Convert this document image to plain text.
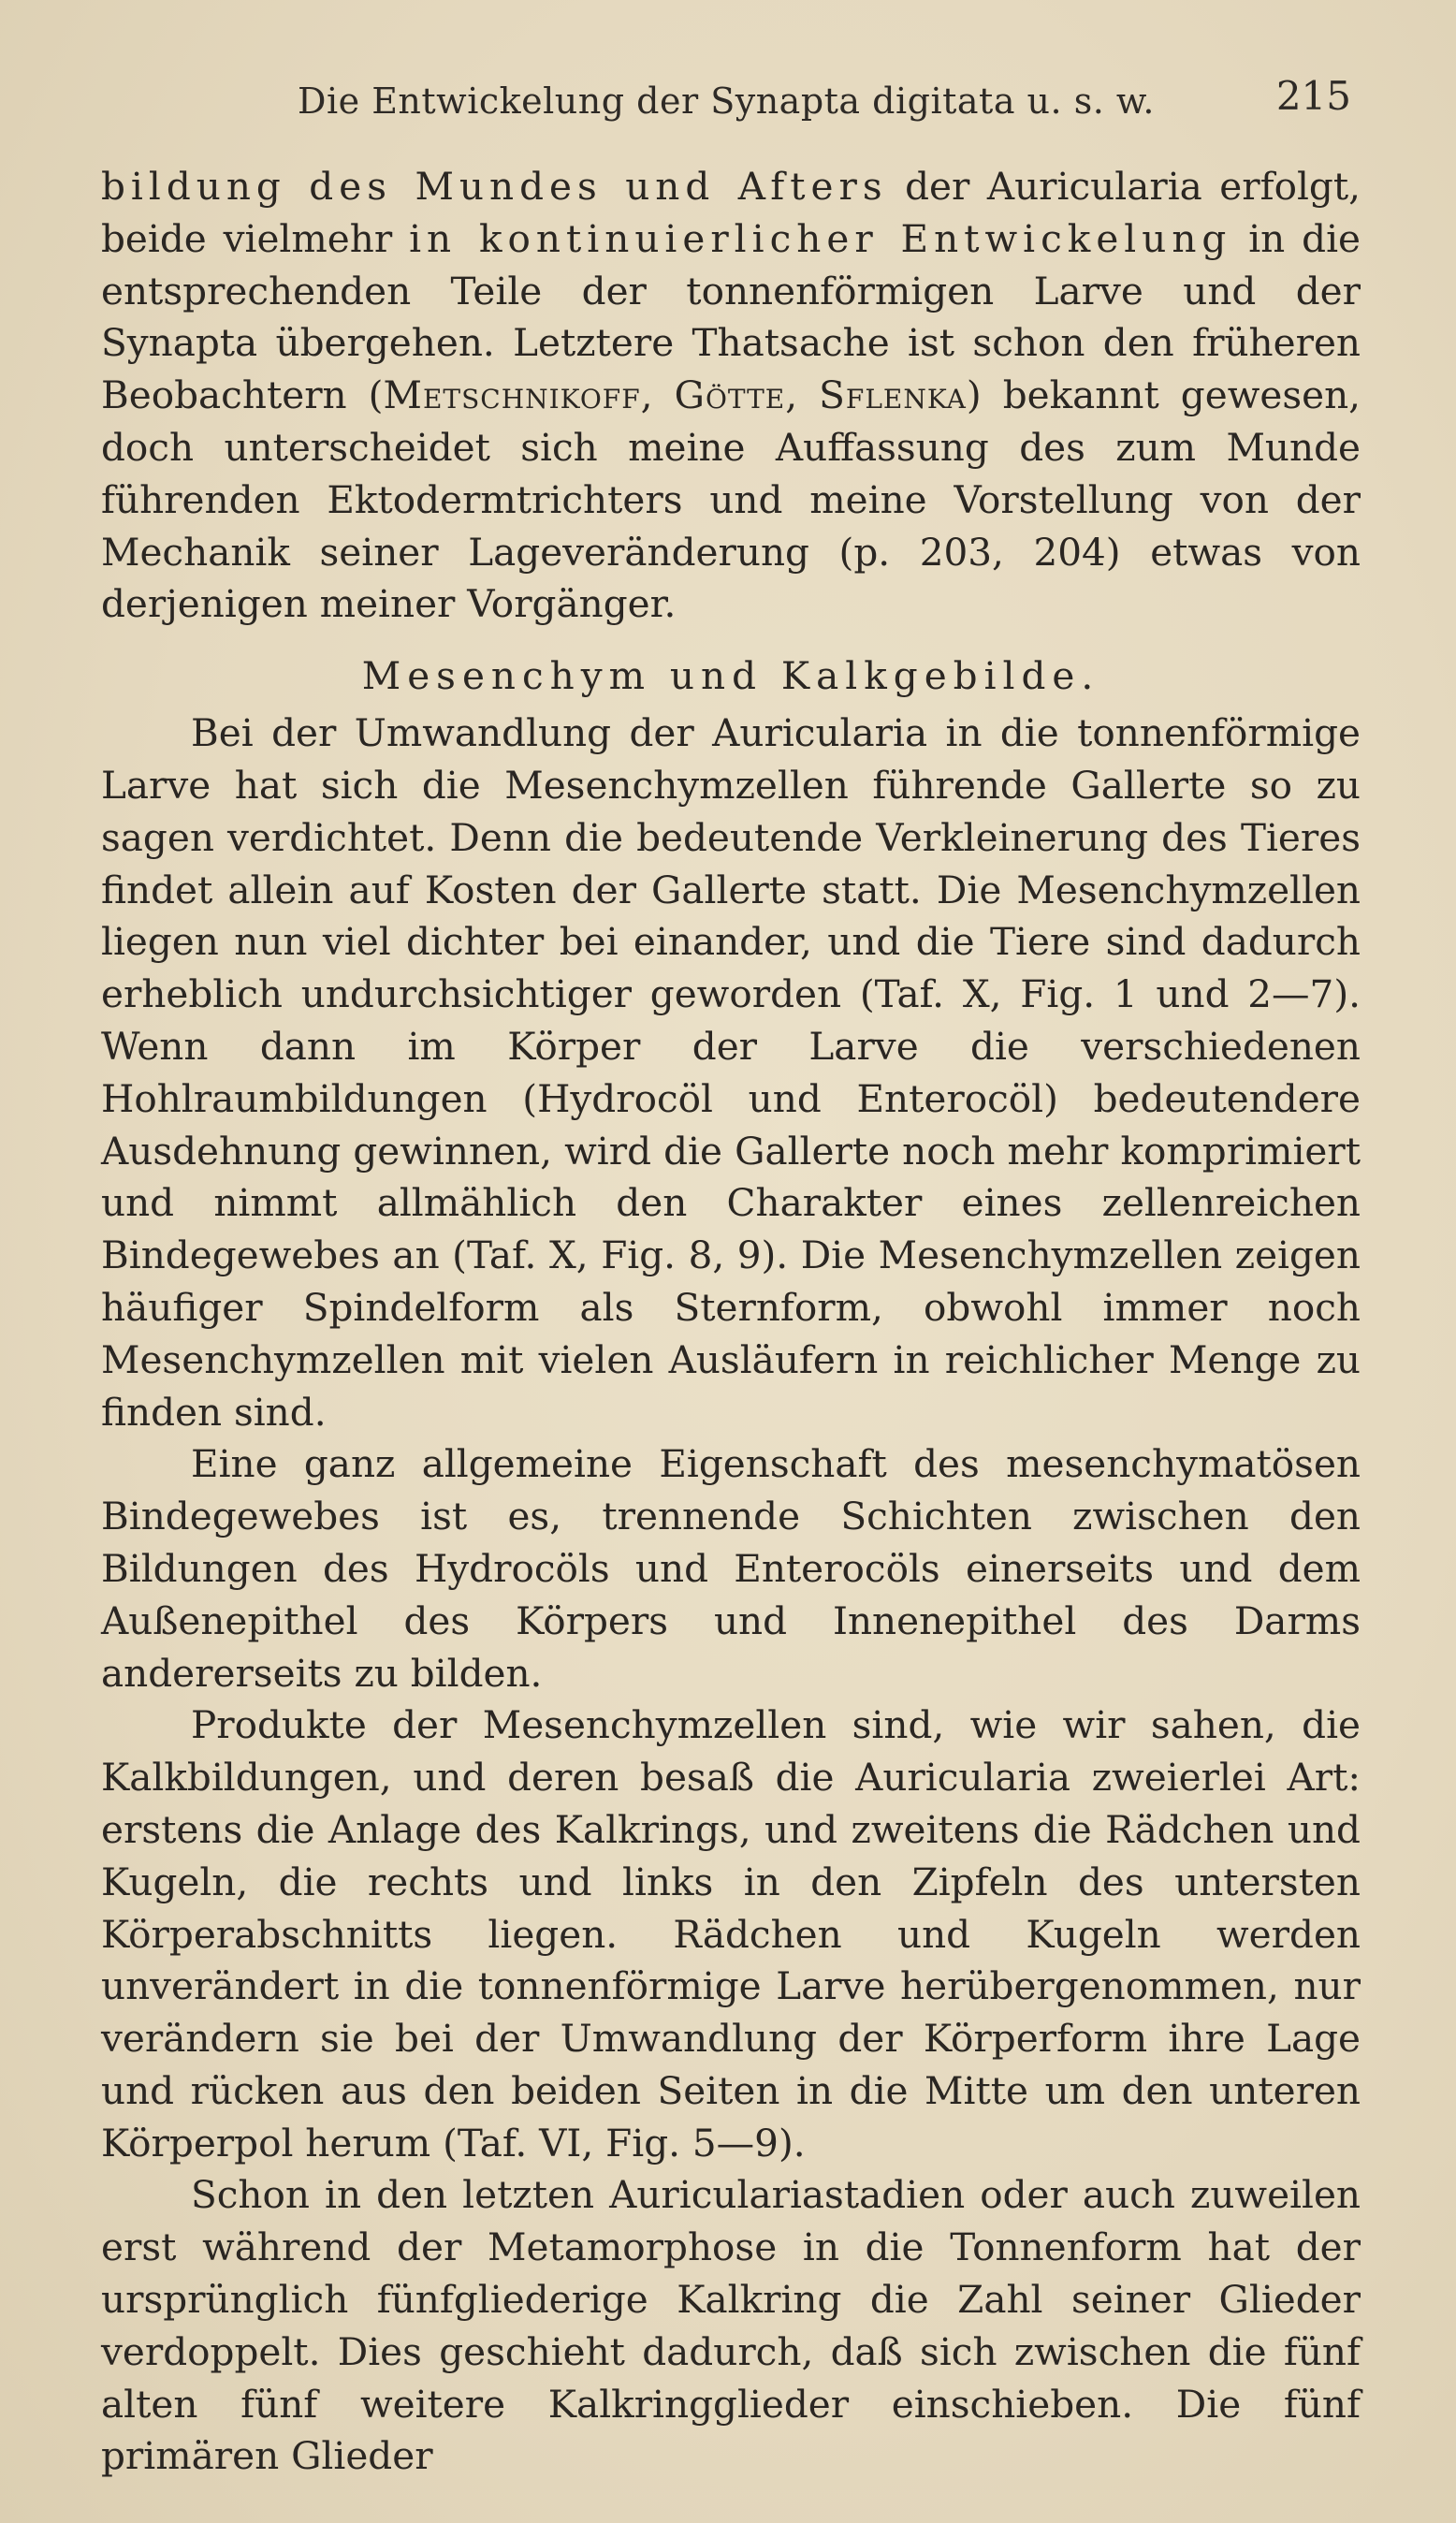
Die Entwickelung der Synapta digitata u. s. w.	215

bildung des Mundes und Afters der Auricularia erfolgt, beide vielmehr in kontinuierlicher Entwickelung in die entsprechenden Teile der tonnenförmigen Larve und der Synapta übergehen. Letztere Thatsache ist schon den früheren Beobachtern (Metschnikoff, Götte, Sflenka) bekannt gewesen, doch unterscheidet sich meine Auffassung des zum Munde führenden Ektodermtrichters und meine Vorstellung von der Mechanik seiner Lageveränderung (p. 203, 204) etwas von derjenigen meiner Vorgänger.

Mesenchym und Kalkgebilde.

Bei der Umwandlung der Auricularia in die tonnenförmige Larve hat sich die Mesenchymzellen führende Gallerte so zu sagen verdichtet. Denn die bedeutende Verkleinerung des Tieres findet allein auf Kosten der Gallerte statt. Die Mesenchymzellen liegen nun viel dichter bei einander, und die Tiere sind dadurch erheblich undurchsichtiger geworden (Taf. X, Fig. 1 und 2—7). Wenn dann im Körper der Larve die verschiedenen Hohlraumbildungen (Hydrocöl und Enterocöl) bedeutendere Ausdehnung gewinnen, wird die Gallerte noch mehr komprimiert und nimmt allmählich den Charakter eines zellenreichen Bindegewebes an (Taf. X, Fig. 8, 9). Die Mesenchymzellen zeigen häufiger Spindelform als Sternform, obwohl immer noch Mesenchymzellen mit vielen Ausläufern in reichlicher Menge zu finden sind.

Eine ganz allgemeine Eigenschaft des mesenchymatösen Bindegewebes ist es, trennende Schichten zwischen den Bildungen des Hydrocöls und Enterocöls einerseits und dem Außenepithel des Körpers und Innenepithel des Darms andererseits zu bilden.

Produkte der Mesenchymzellen sind, wie wir sahen, die Kalkbildungen, und deren besaß die Auricularia zweierlei Art: erstens die Anlage des Kalkrings, und zweitens die Rädchen und Kugeln, die rechts und links in den Zipfeln des untersten Körperabschnitts liegen. Rädchen und Kugeln werden unverändert in die tonnenförmige Larve herübergenommen, nur verändern sie bei der Umwandlung der Körperform ihre Lage und rücken aus den beiden Seiten in die Mitte um den unteren Körperpol herum (Taf. VI, Fig. 5—9).

Schon in den letzten Auriculariastadien oder auch zuweilen erst während der Metamorphose in die Tonnenform hat der ursprünglich fünfgliederige Kalkring die Zahl seiner Glieder verdoppelt. Dies geschieht dadurch, daß sich zwischen die fünf alten fünf weitere Kalkringglieder einschieben. Die fünf primären Glieder
